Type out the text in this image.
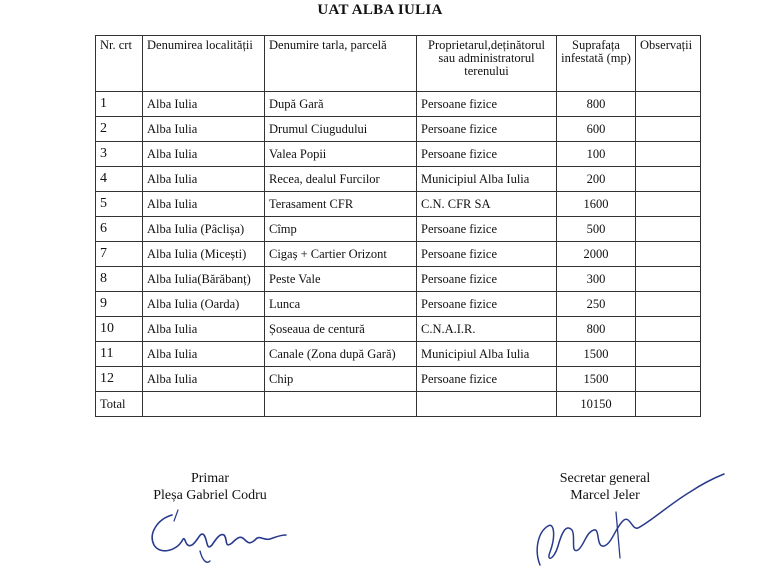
UAT ALBA IULIA
Nr. crt	Denumirea localității	Denumire tarla, parcelă	Proprietarul,deținătorul sau administratorul terenului	Suprafața infestată (mp)	Observații
1	Alba Iulia	După Gară	Persoane fizice	800	
2	Alba Iulia	Drumul Ciugudului	Persoane fizice	600	
3	Alba Iulia	Valea Popii	Persoane fizice	100	
4	Alba Iulia	Recea, dealul Furcilor	Municipiul Alba Iulia	200	
5	Alba Iulia	Terasament CFR	C.N. CFR SA	1600	
6	Alba Iulia (Pâclișa)	Cîmp	Persoane fizice	500	
7	Alba Iulia (Micești)	Cigaș + Cartier Orizont	Persoane fizice	2000	
8	Alba Iulia(Bărăbanț)	Peste Vale	Persoane fizice	300	
9	Alba Iulia (Oarda)	Lunca	Persoane fizice	250	
10	Alba Iulia	Șoseaua de centură	C.N.A.I.R.	800	
11	Alba Iulia	Canale (Zona după Gară)	Municipiul Alba Iulia	1500	
12	Alba Iulia	Chip	Persoane fizice	1500	
Total				10150	
Primar
Pleșa Gabriel Codru
Secretar general
Marcel Jeler
